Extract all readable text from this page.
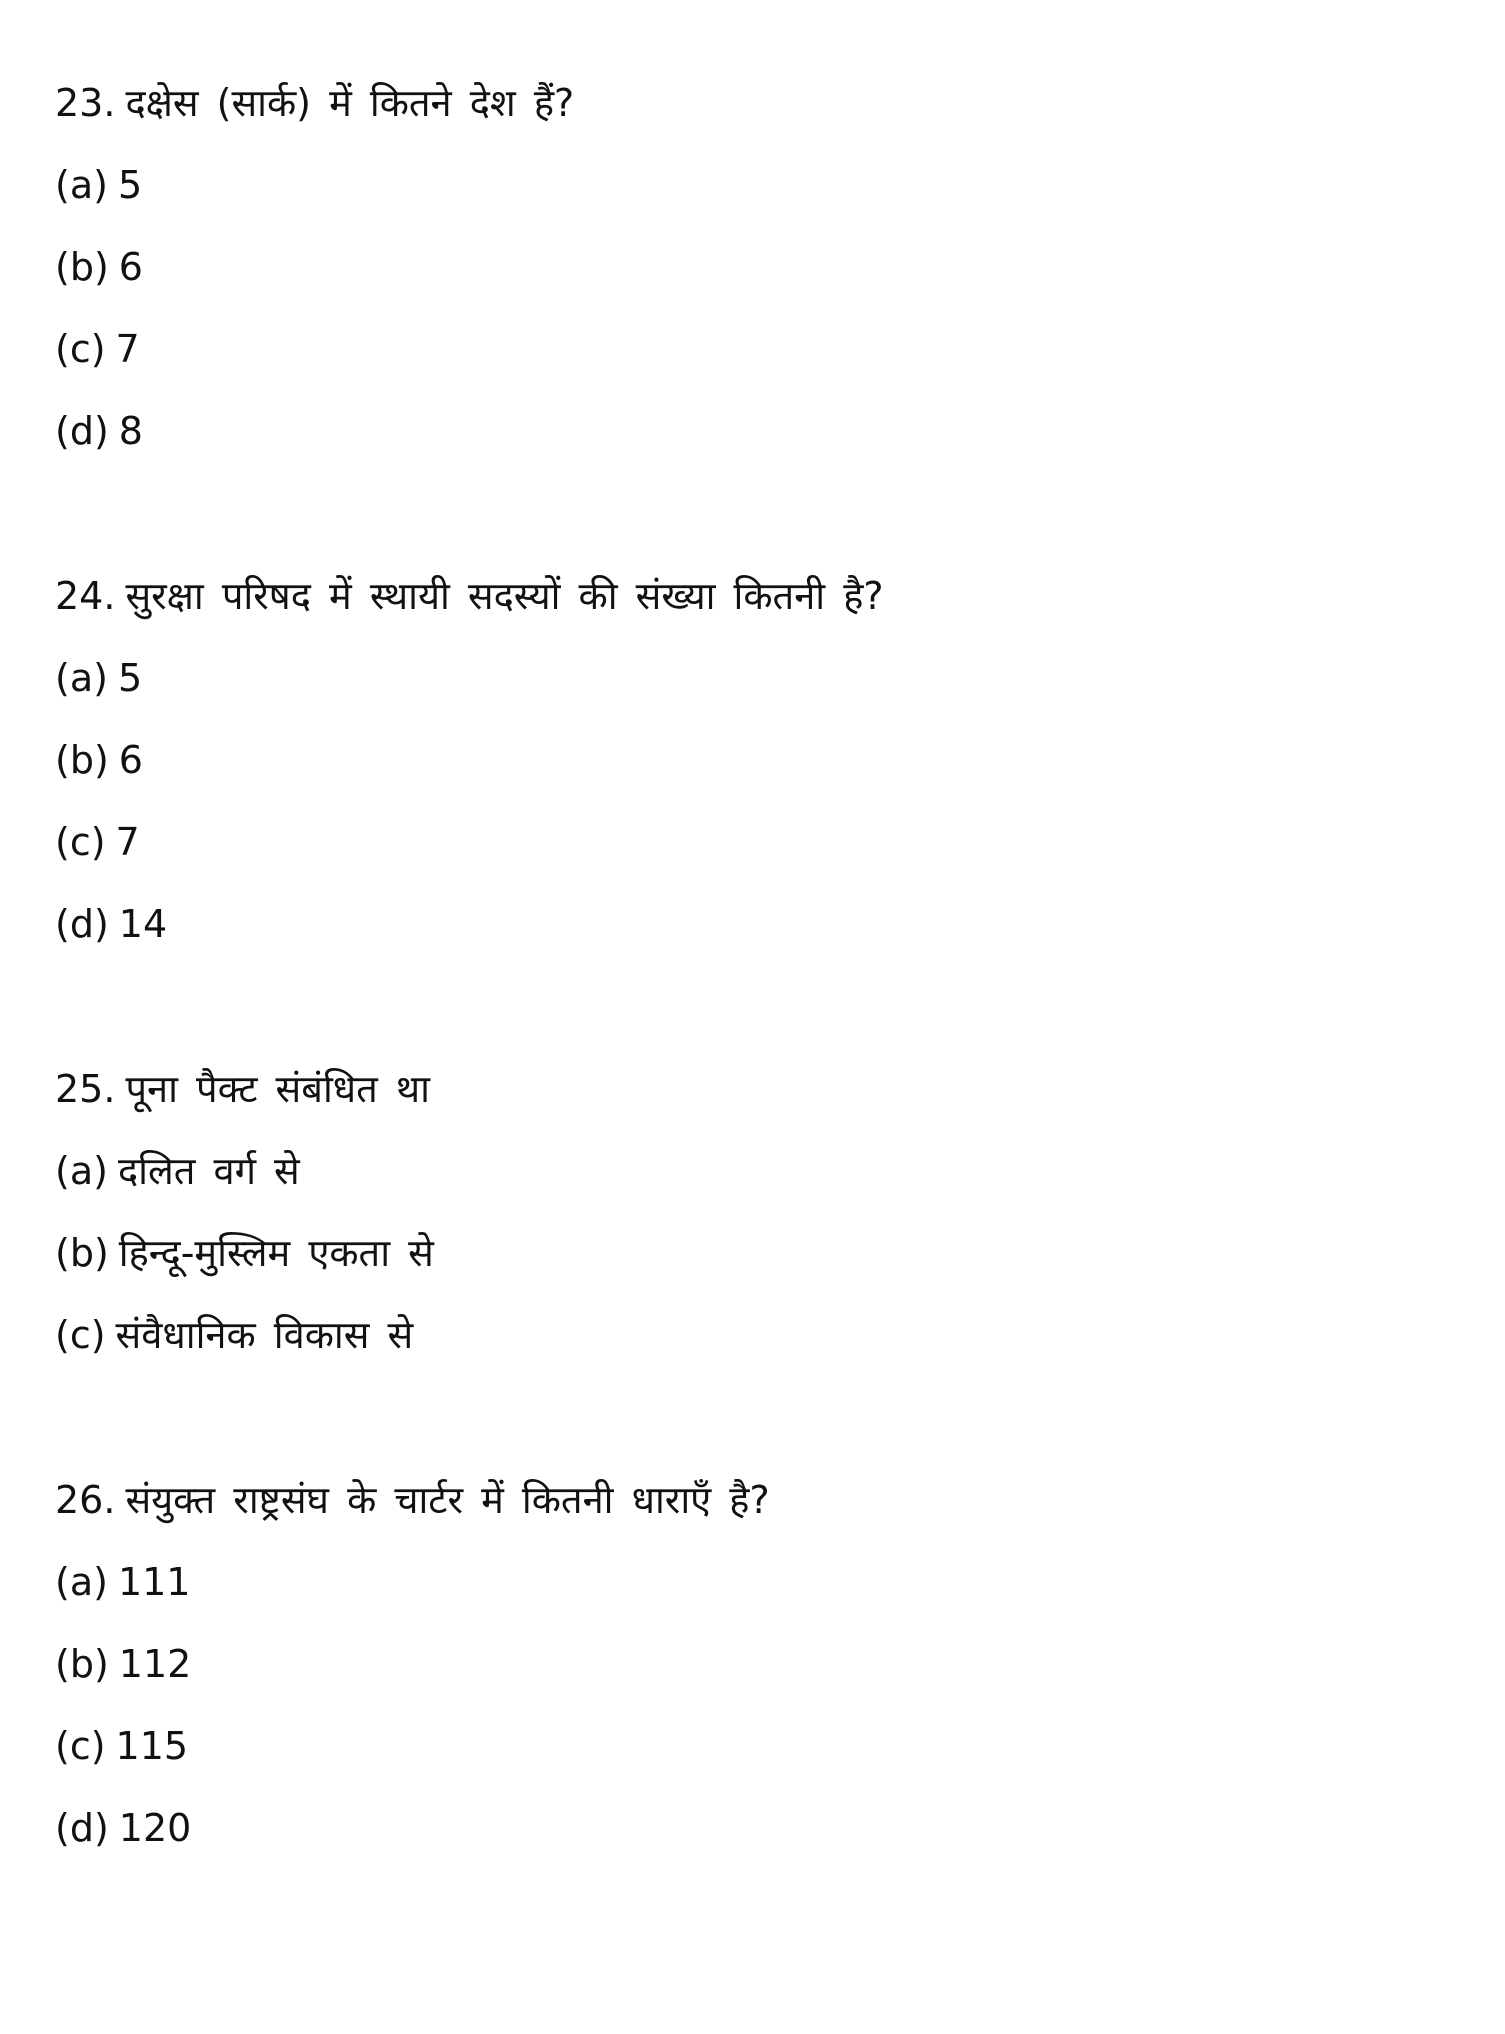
23. दक्षेस (सार्क) में कितने देश हैं?
(a) 5
(b) 6
(c) 7
(d) 8
24. सुरक्षा परिषद में स्थायी सदस्यों की संख्या कितनी है?
(a) 5
(b) 6
(c) 7
(d) 14
25. पूना पैक्ट संबंधित था
(a) दलित वर्ग से
(b) हिन्दू-मुस्लिम एकता से
(c) संवैधानिक विकास से
26. संयुक्त राष्ट्रसंघ के चार्टर में कितनी धाराएँ है?
(a) 111
(b) 112
(c) 115
(d) 120
